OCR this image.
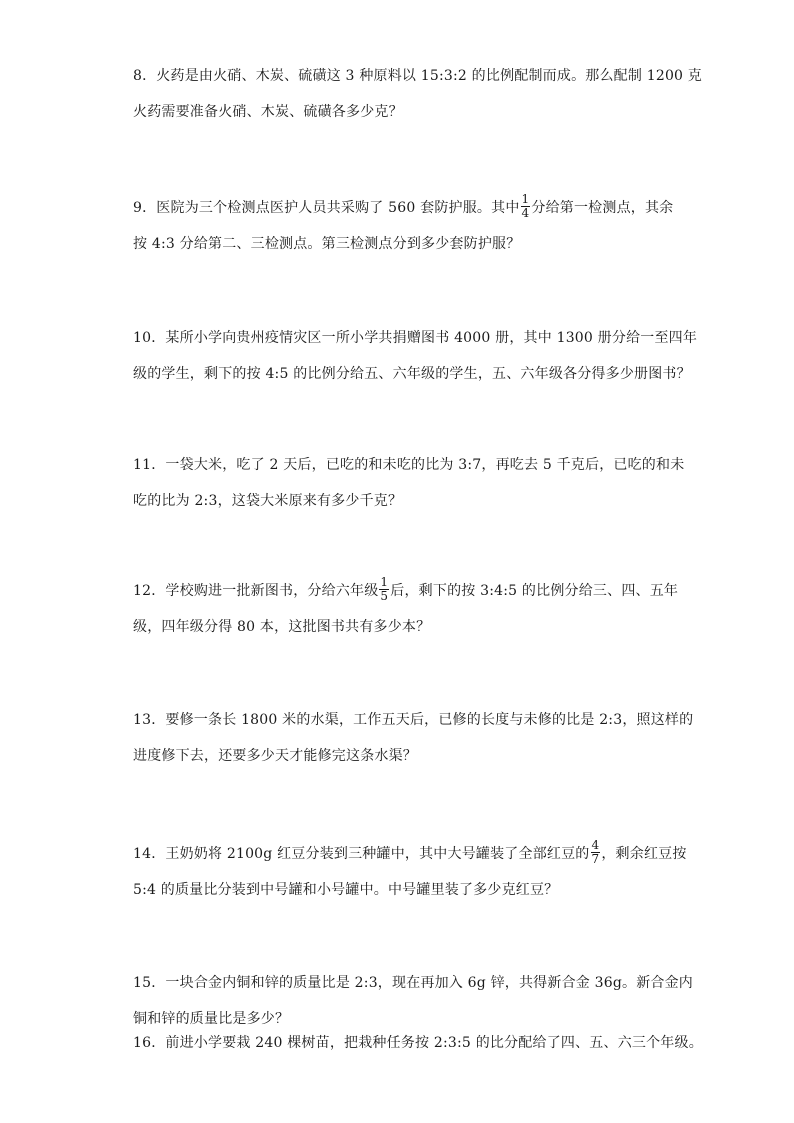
8．火药是由火硝、木炭、硫磺这 3 种原料以 15:3:2 的比例配制而成。那么配制 1200 克
火药需要准备火硝、木炭、硫磺各多少克？
9．医院为三个检测点医护人员共采购了 560 套防护服。其中 $\frac{1}{4}$ 分给第一检测点，其余
按 4:3 分给第二、三检测点。第三检测点分到多少套防护服？
10．某所小学向贵州疫情灾区一所小学共捐赠图书 4000 册，其中 1300 册分给一至四年
级的学生，剩下的按 4:5 的比例分给五、六年级的学生，五、六年级各分得多少册图书？
11．一袋大米，吃了 2 天后，已吃的和未吃的比为 3:7，再吃去 5 千克后，已吃的和未
吃的比为 2:3，这袋大米原来有多少千克？
12．学校购进一批新图书，分给六年级 $\frac{1}{5}$ 后，剩下的按 3:4:5 的比例分给三、四、五年
级，四年级分得 80 本，这批图书共有多少本？
13．要修一条长 1800 米的水渠，工作五天后，已修的长度与未修的比是 2:3，照这样的
进度修下去，还要多少天才能修完这条水渠？
14．王奶奶将 2100g 红豆分装到三种罐中，其中大号罐装了全部红豆的 $\frac{4}{7}$ ，剩余红豆按
5:4 的质量比分装到中号罐和小号罐中。中号罐里装了多少克红豆？
15．一块合金内铜和锌的质量比是 2:3，现在再加入 6g 锌，共得新合金 36g。新合金内
铜和锌的质量比是多少？
16．前进小学要栽 240 棵树苗，把栽种任务按 2:3:5 的比分配给了四、五、六三个年级。
